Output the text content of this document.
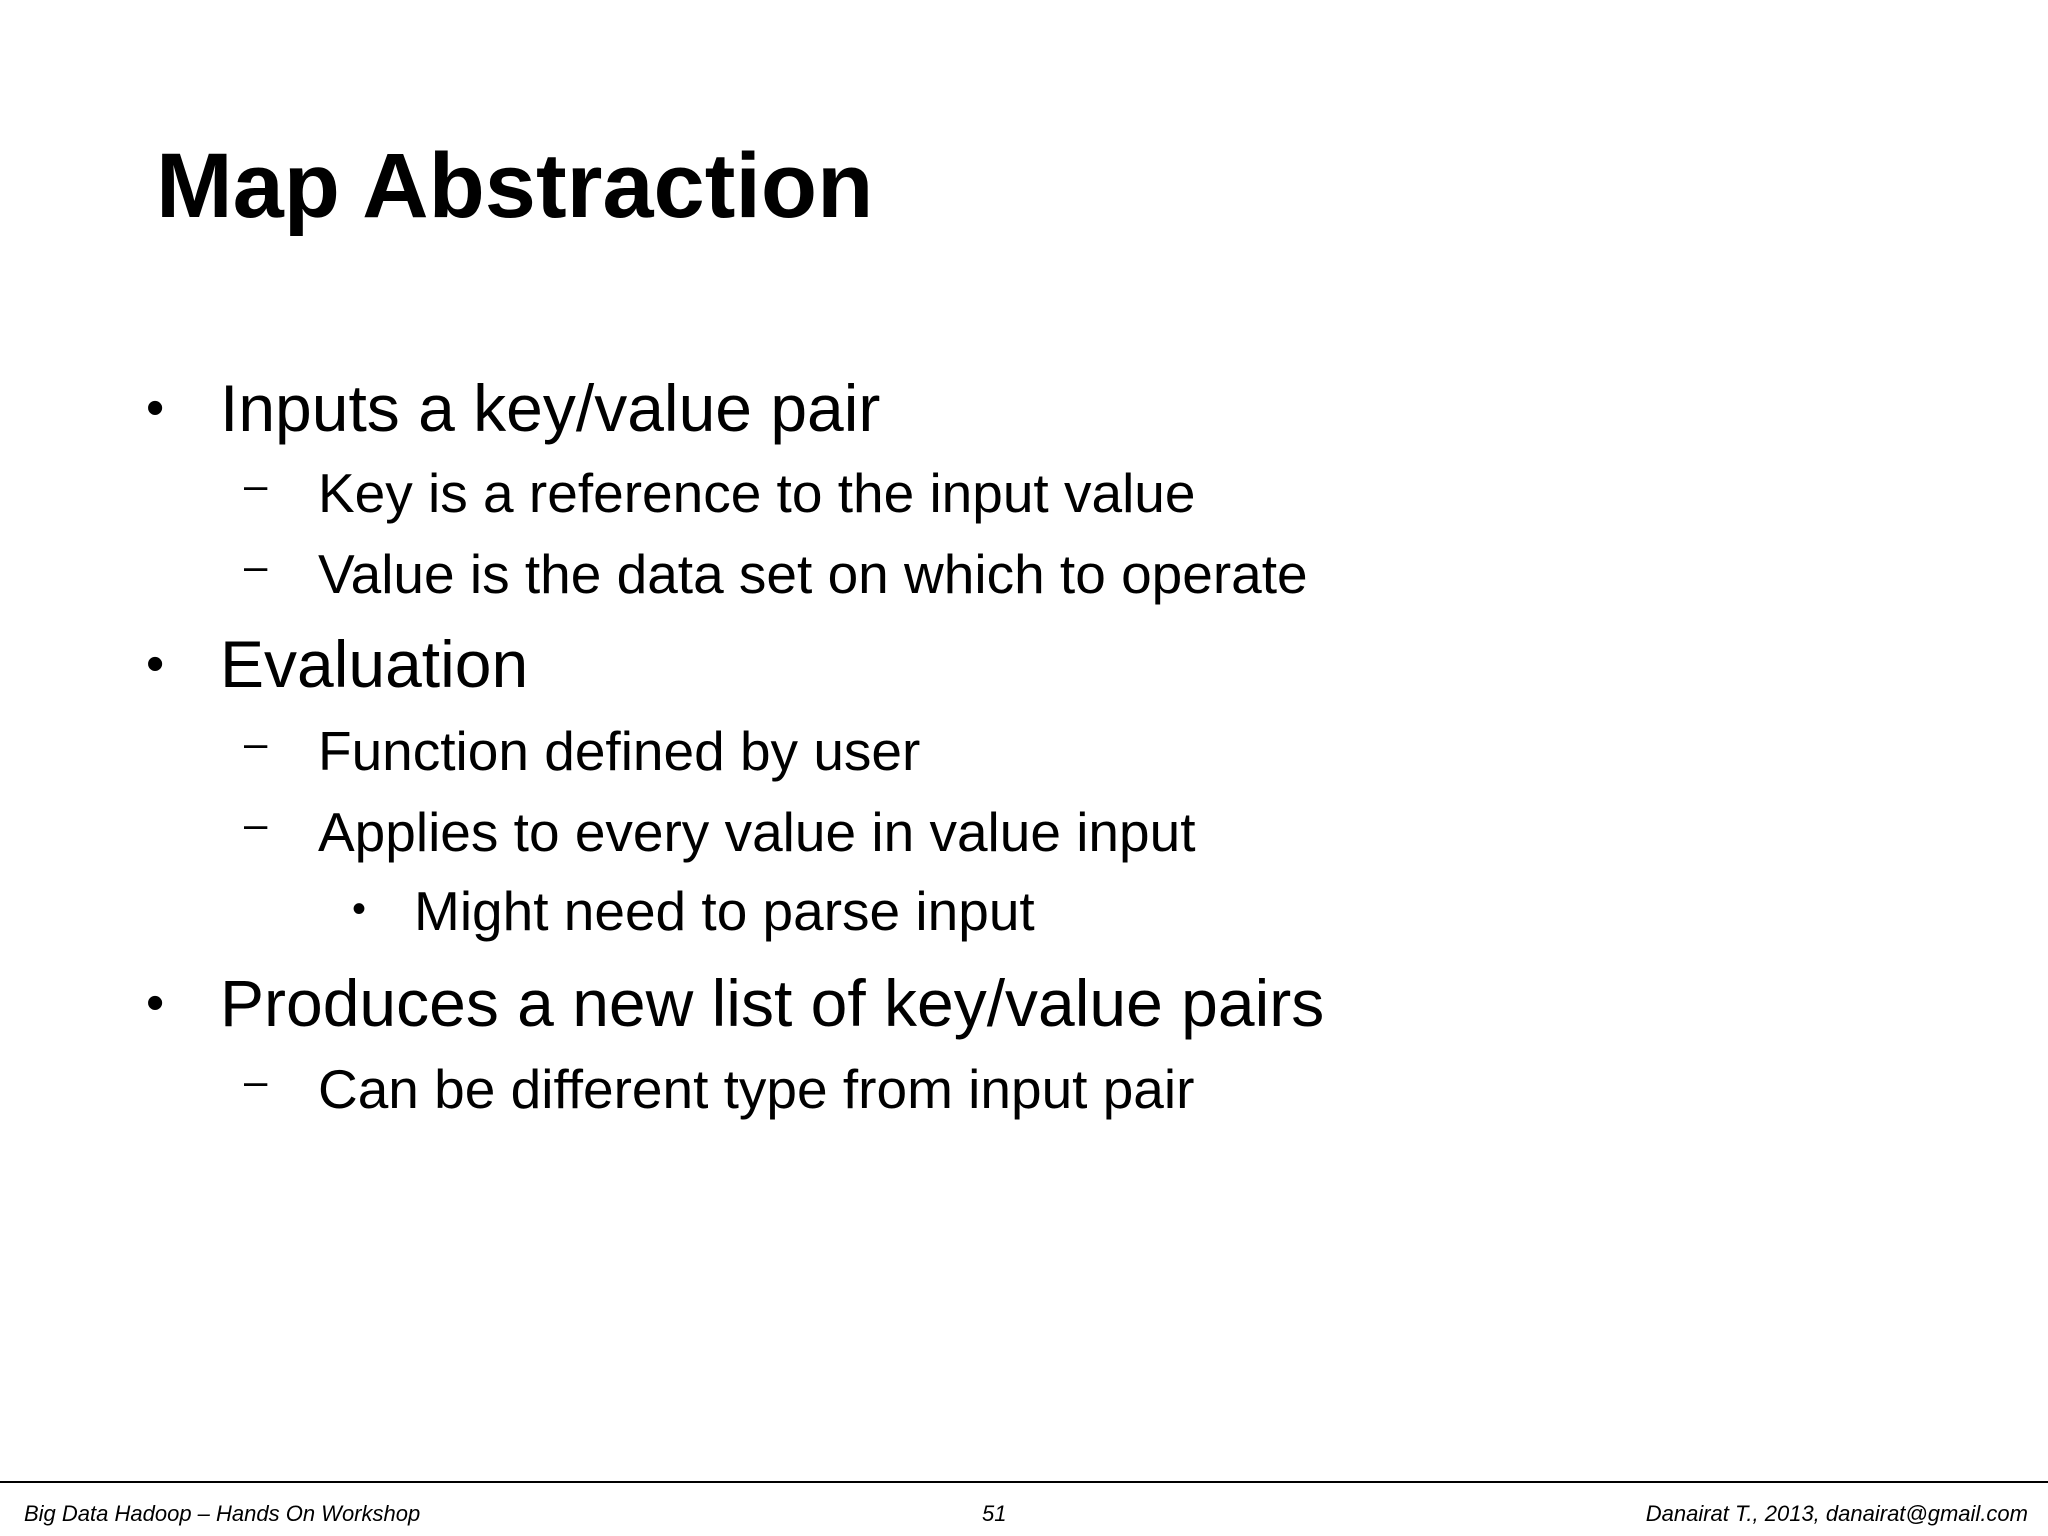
Map Abstraction
• Inputs a key/value pair
– Key is a reference to the input value
– Value is the data set on which to operate
• Evaluation
– Function defined by user
– Applies to every value in value input
• Might need to parse input
• Produces a new list of key/value pairs
– Can be different type from input pair
Big Data Hadoop – Hands On Workshop	51	Danairat T., 2013, danairat@gmail.com
